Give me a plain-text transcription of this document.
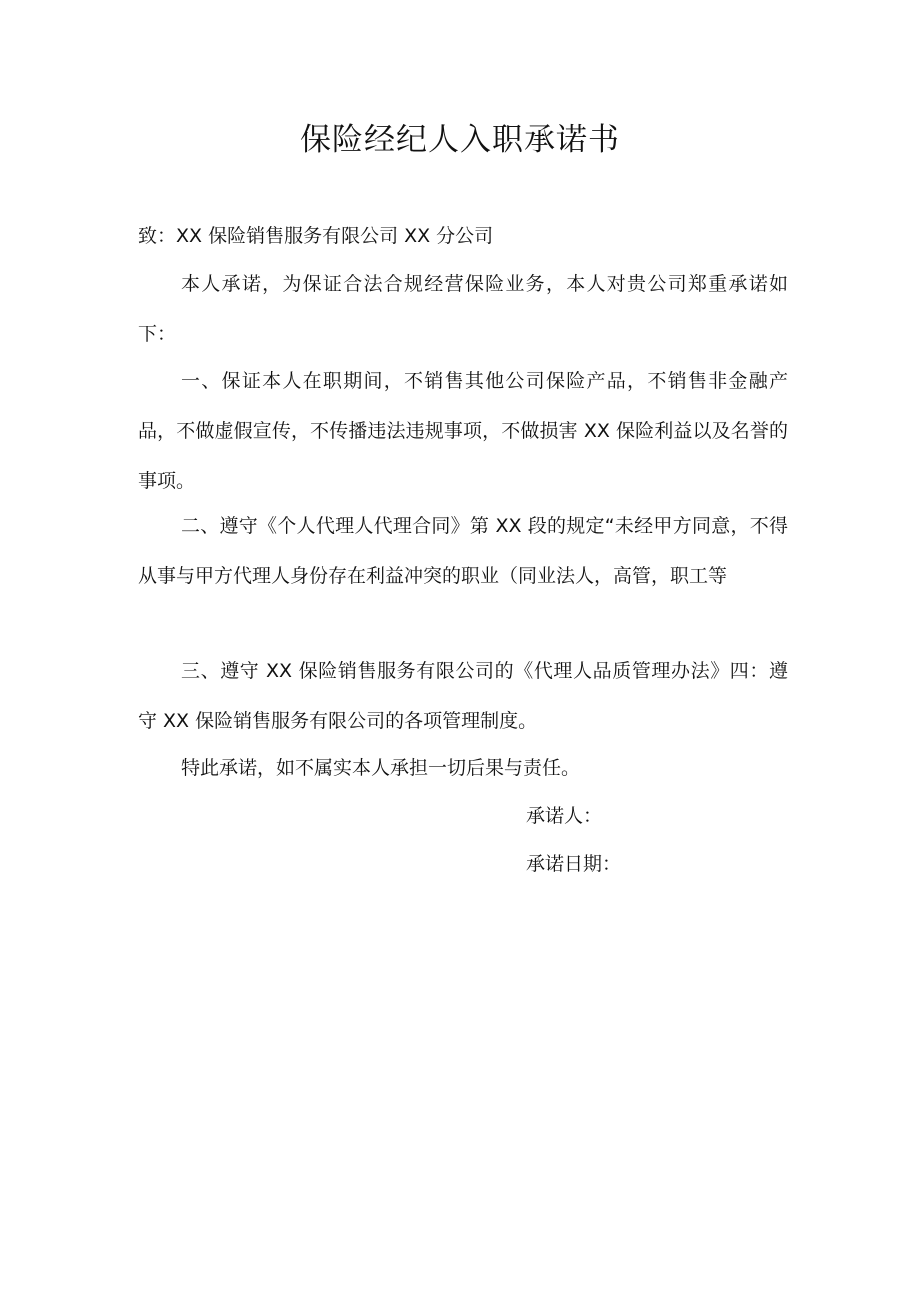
保险经纪人入职承诺书

致：XX 保险销售服务有限公司 XX 分公司

本人承诺，为保证合法合规经营保险业务，本人对贵公司郑重承诺如下：

一、保证本人在职期间，不销售其他公司保险产品，不销售非金融产品，不做虚假宣传，不传播违法违规事项，不做损害 XX 保险利益以及名誉的事项。

二、遵守《个人代理人代理合同》第 XX 段的规定“未经甲方同意，不得从事与甲方代理人身份存在利益冲突的职业（同业法人，高管，职工等

三、遵守 XX 保险销售服务有限公司的《代理人品质管理办法》四：遵守 XX 保险销售服务有限公司的各项管理制度。

特此承诺，如不属实本人承担一切后果与责任。

承诺人：

承诺日期：
